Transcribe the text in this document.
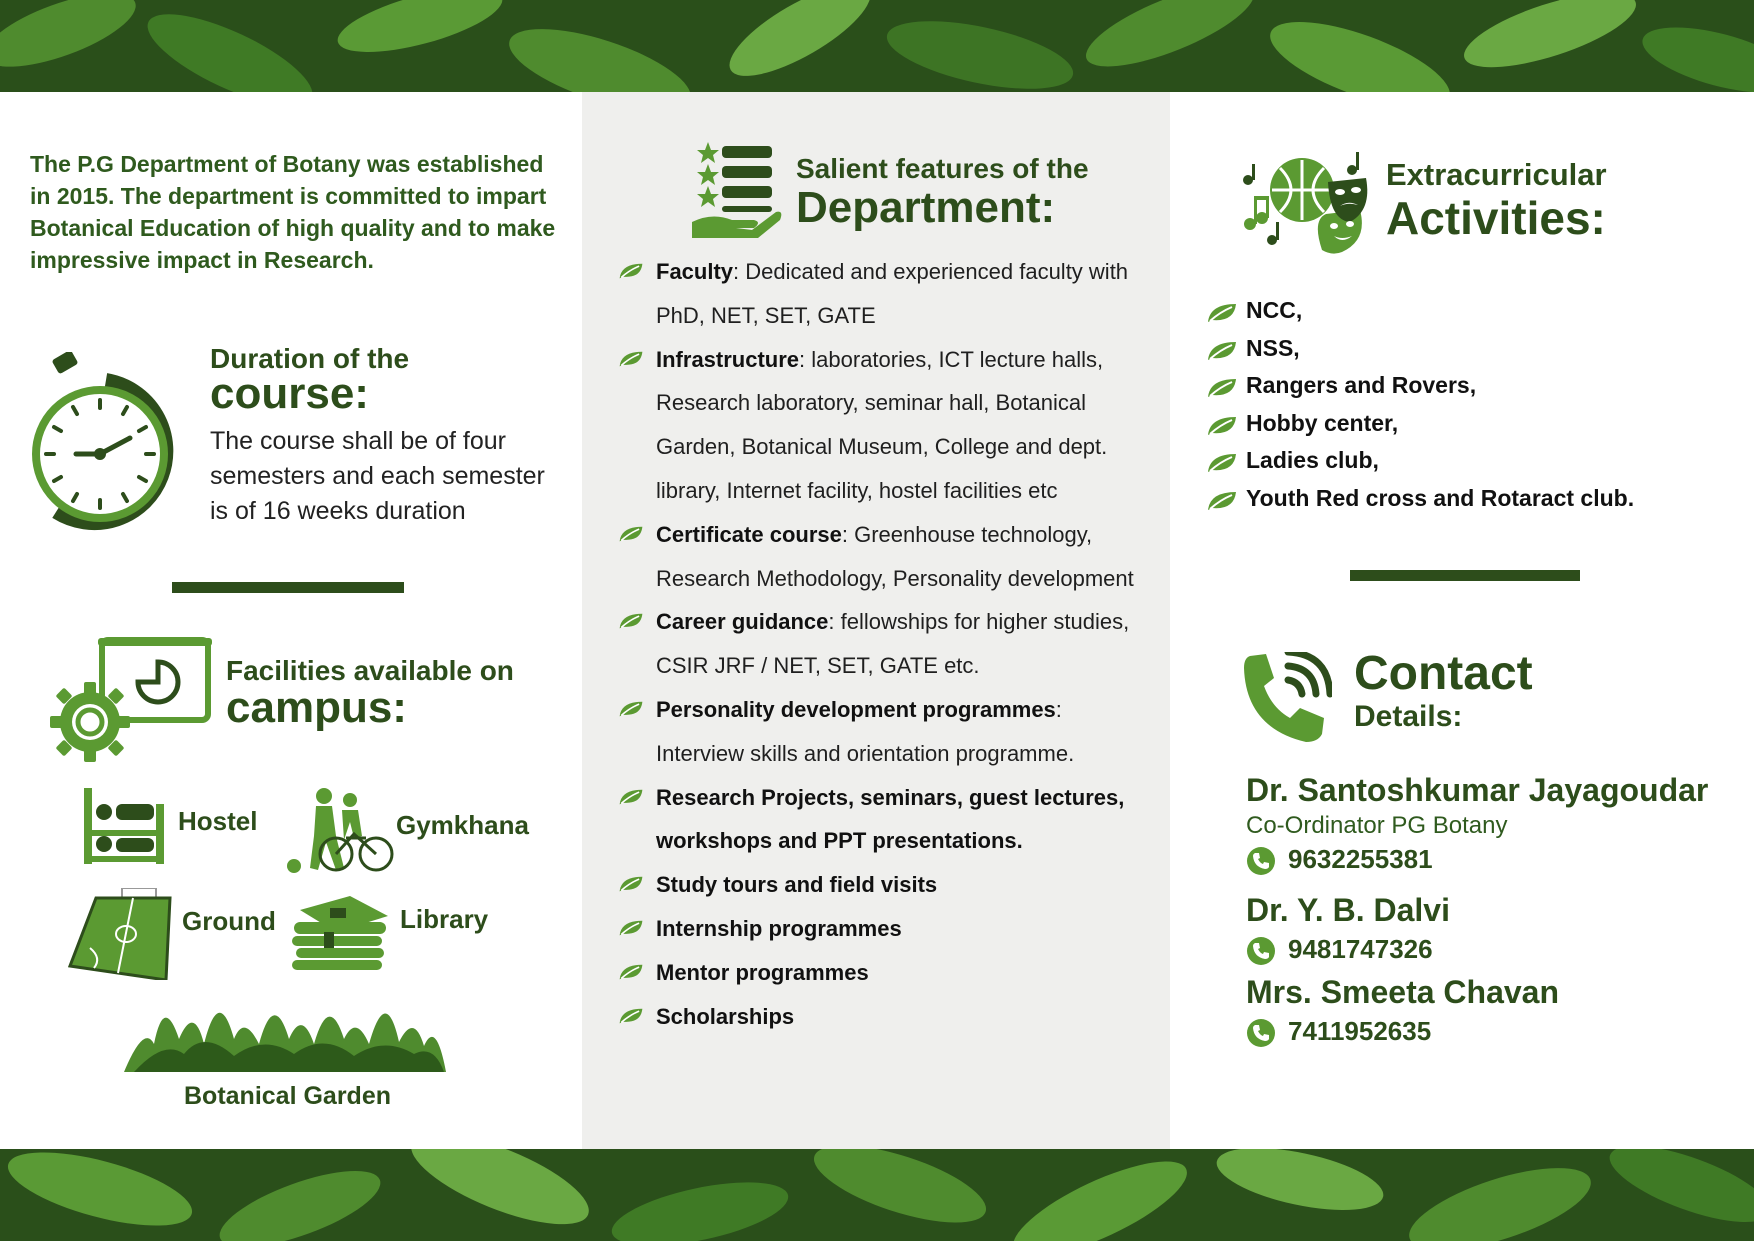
The P.G Department of Botany was established in 2015. The department is committed to impart Botanical Education of high quality and to make impressive impact in Research.

Duration of the
course:
The course shall be of four semesters and each semester is of 16 weeks duration
Facilities available on
campus:
Hostel	Gymkhana
Ground	Library
Botanical Garden
Salient features of the
Department:
Faculty: Dedicated and experienced faculty with PhD, NET, SET, GATE
Infrastructure: laboratories, ICT lecture halls, Research laboratory, seminar hall, Botanical Garden, Botanical Museum, College and dept. library, Internet facility, hostel facilities etc
Certificate course: Greenhouse technology, Research Methodology, Personality development
Career guidance: fellowships for higher studies, CSIR JRF / NET, SET, GATE etc.
Personality development programmes: Interview skills and orientation programme.
Research Projects, seminars, guest lectures, workshops and PPT presentations.
Study tours and field visits
Internship programmes
Mentor programmes
Scholarships
Extracurricular
Activities:
NCC,
NSS,
Rangers and Rovers,
Hobby center,
Ladies club,
Youth Red cross and Rotaract club.
Contact
Details:
Dr. Santoshkumar Jayagoudar
Co-Ordinator PG Botany
9632255381
Dr. Y. B. Dalvi
9481747326
Mrs. Smeeta Chavan
7411952635
